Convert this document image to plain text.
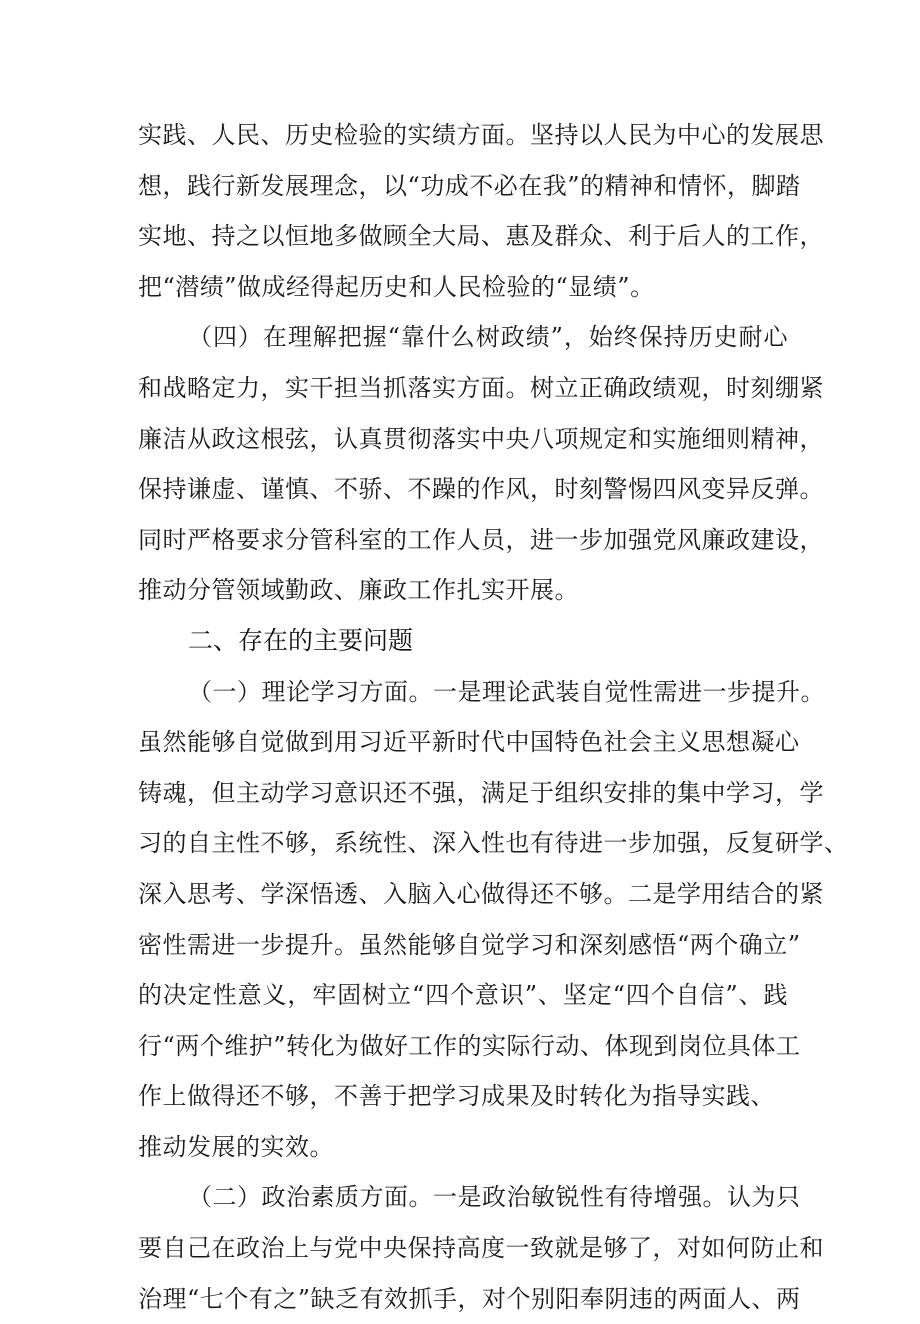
实践、人民、历史检验的实绩方面。坚持以人民为中心的发展思
想，践行新发展理念，以“功成不必在我”的精神和情怀，脚踏
实地、持之以恒地多做顾全大局、惠及群众、利于后人的工作，
把“潜绩”做成经得起历史和人民检验的“显绩”。
（四）在理解把握“靠什么树政绩”，始终保持历史耐心
和战略定力，实干担当抓落实方面。树立正确政绩观，时刻绷紧
廉洁从政这根弦，认真贯彻落实中央八项规定和实施细则精神，
保持谦虚、谨慎、不骄、不躁的作风，时刻警惕四风变异反弹。
同时严格要求分管科室的工作人员，进一步加强党风廉政建设，
推动分管领域勤政、廉政工作扎实开展。
二、存在的主要问题
（一）理论学习方面。一是理论武装自觉性需进一步提升。
虽然能够自觉做到用习近平新时代中国特色社会主义思想凝心
铸魂，但主动学习意识还不强，满足于组织安排的集中学习，学
习的自主性不够，系统性、深入性也有待进一步加强，反复研学、
深入思考、学深悟透、入脑入心做得还不够。二是学用结合的紧
密性需进一步提升。虽然能够自觉学习和深刻感悟“两个确立”
的决定性意义，牢固树立“四个意识”、坚定“四个自信”、践
行“两个维护”转化为做好工作的实际行动、体现到岗位具体工
作上做得还不够，不善于把学习成果及时转化为指导实践、
推动发展的实效。
（二）政治素质方面。一是政治敏锐性有待增强。认为只
要自己在政治上与党中央保持高度一致就是够了，对如何防止和
治理“七个有之”缺乏有效抓手，对个别阳奉阴违的两面人、两
